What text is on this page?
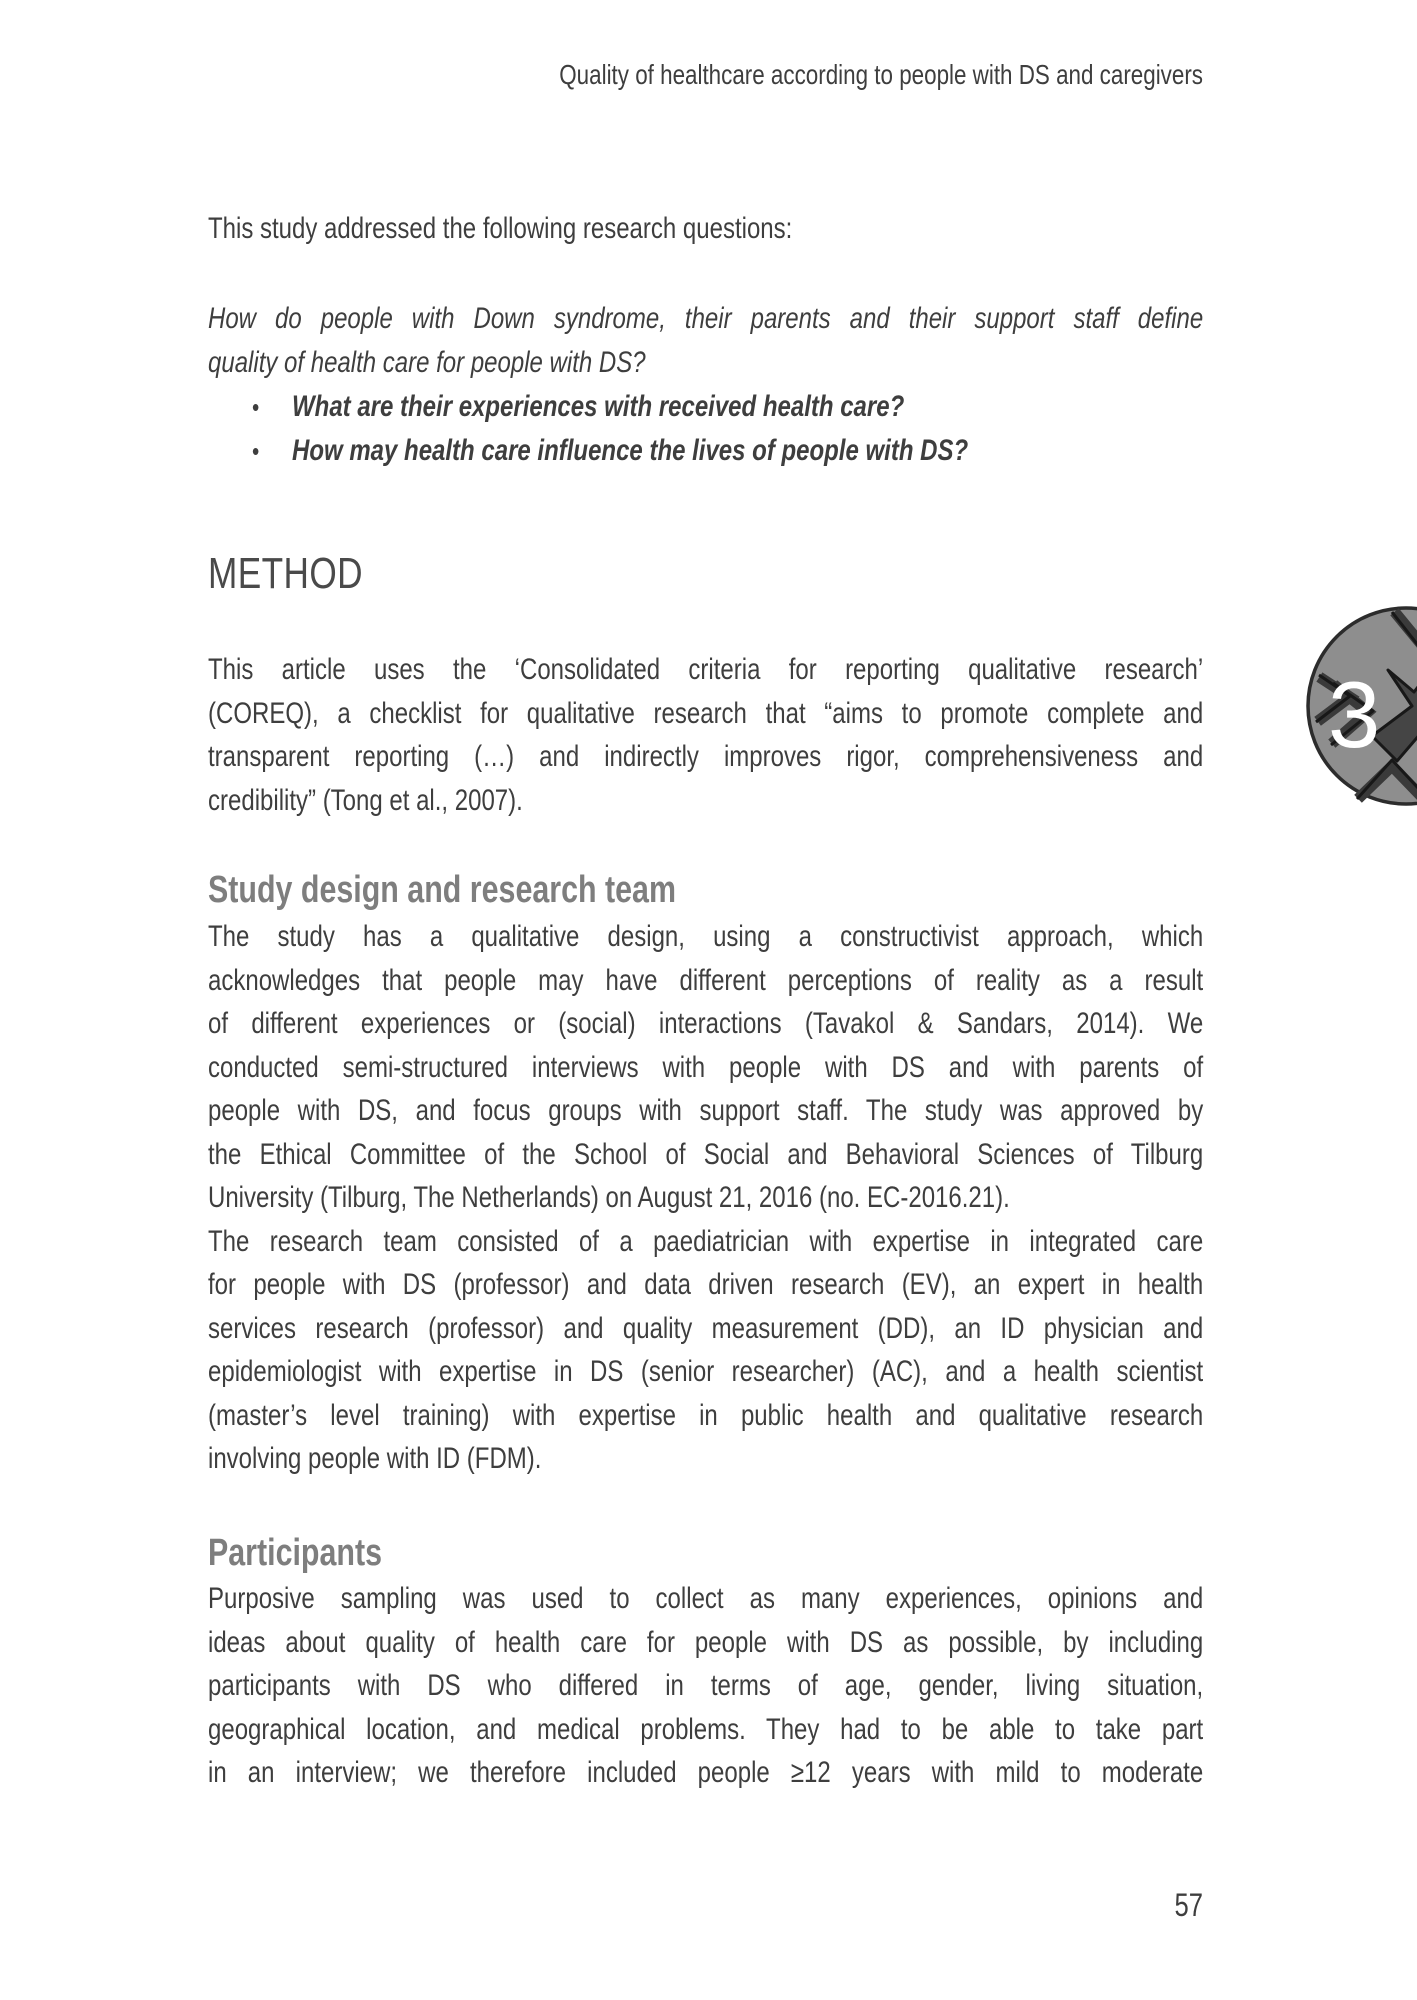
Quality of healthcare according to people with DS and caregivers
This study addressed the following research questions:
How do people with Down syndrome, their parents and their support staff define
quality of health care for people with DS?
• What are their experiences with received health care?
• How may health care influence the lives of people with DS?
METHOD
This article uses the ‘Consolidated criteria for reporting qualitative research’
(COREQ), a checklist for qualitative research that “aims to promote complete and
transparent reporting (…) and indirectly improves rigor, comprehensiveness and
credibility” (Tong et al., 2007).
Study design and research team
The study has a qualitative design, using a constructivist approach, which
acknowledges that people may have different perceptions of reality as a result
of different experiences or (social) interactions (Tavakol & Sandars, 2014). We
conducted semi-structured interviews with people with DS and with parents of
people with DS, and focus groups with support staff. The study was approved by
the Ethical Committee of the School of Social and Behavioral Sciences of Tilburg
University (Tilburg, The Netherlands) on August 21, 2016 (no. EC-2016.21).
The research team consisted of a paediatrician with expertise in integrated care
for people with DS (professor) and data driven research (EV), an expert in health
services research (professor) and quality measurement (DD), an ID physician and
epidemiologist with expertise in DS (senior researcher) (AC), and a health scientist
(master’s level training) with expertise in public health and qualitative research
involving people with ID (FDM).
Participants
Purposive sampling was used to collect as many experiences, opinions and
ideas about quality of health care for people with DS as possible, by including
participants with DS who differed in terms of age, gender, living situation,
geographical location, and medical problems. They had to be able to take part
in an interview; we therefore included people ≥12 years with mild to moderate
3
57
